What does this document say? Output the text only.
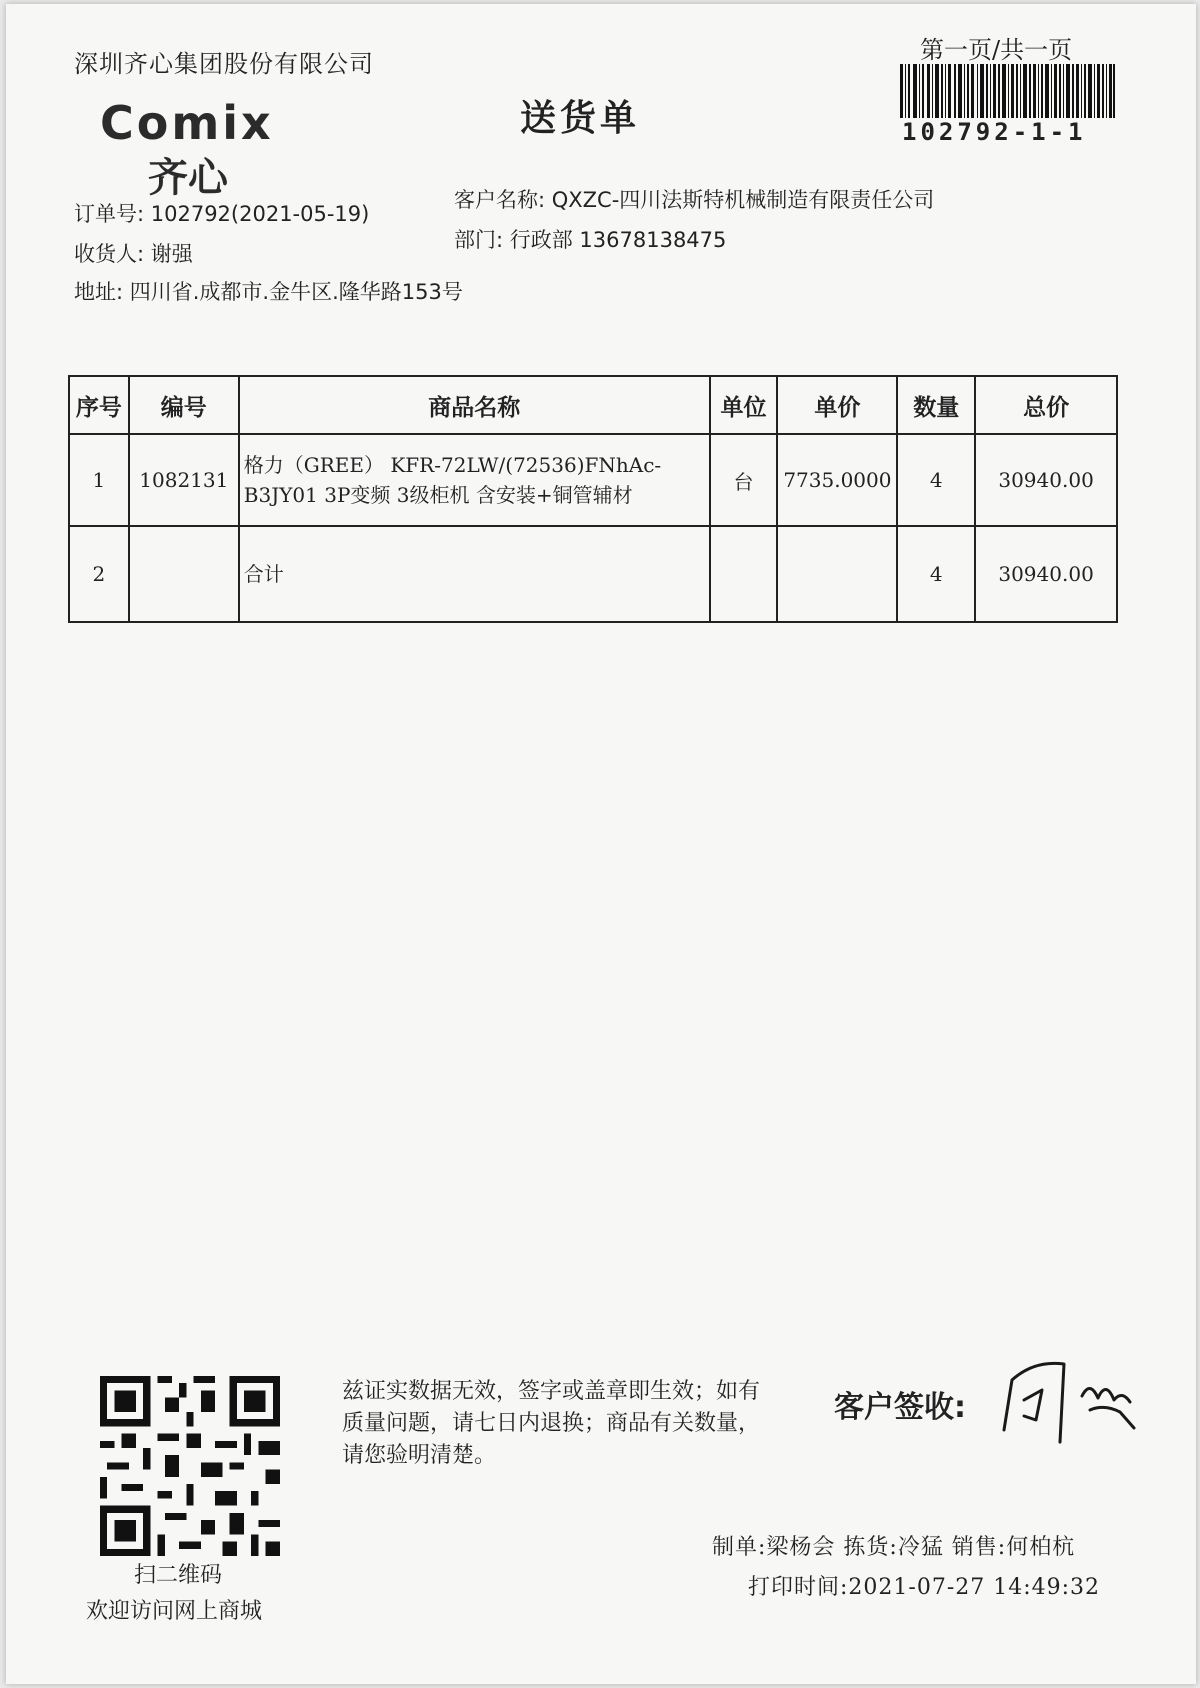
深圳齐心集团股份有限公司	第一页/共一页
102792-1-1
Comix
齐心
送货单
订单号: 102792(2021-05-19)
客户名称: QXZC-四川法斯特机械制造有限责任公司
收货人: 谢强
部门: 行政部 13678138475
地址: 四川省.成都市.金牛区.隆华路153号
序号	编号	商品名称	单位	单价	数量	总价
1	1082131	格力（GREE） KFR-72LW/(72536)FNhAc-
B3JY01 3P变频 3级柜机 含安装+铜管辅材	台	7735.0000	4	30940.00
2		合计			4	30940.00
扫二维码
欢迎访问网上商城
兹证实数据无效，签字或盖章即生效；如有质量问题，请七日内退换；商品有关数量，请您验明清楚。
客户签收:
制单:梁杨会 拣货:冷猛 销售:何柏杭
打印时间:2021-07-27 14:49:32
